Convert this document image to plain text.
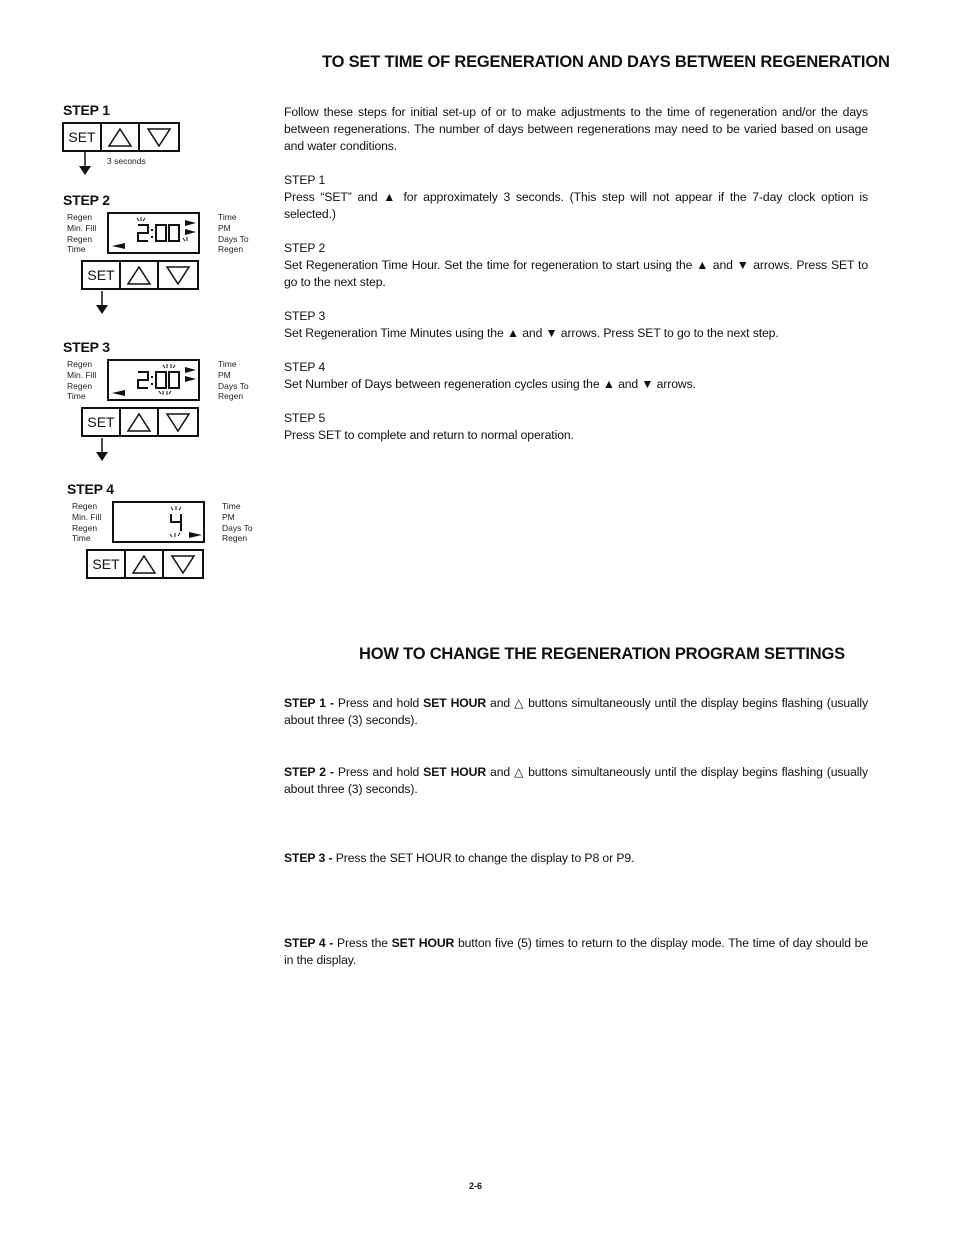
TO SET TIME OF REGENERATION AND DAYS BETWEEN REGENERATION
STEP 1
SET
3 seconds
STEP 2
Regen
Min. Fill
Regen
Time
Time
PM
Days To
Regen
SET
STEP 3
Regen
Min. Fill
Regen
Time
Time
PM
Days To
Regen
SET
STEP 4
Regen
Min. Fill
Regen
Time
Time
PM
Days To
Regen
SET

Follow these steps for initial set-up of or to make adjustments to the time of regeneration and/or the days between regenerations. The number of days between regenerations may need to be varied based on usage and water conditions.

STEP 1

Press “SET” and ▲ for approximately 3 seconds. (This step will not appear if the 7-day clock option is selected.)

STEP 2

Set Regeneration Time Hour. Set the time for regeneration to start using the ▲ and ▼ arrows. Press SET to go to the next step.

STEP 3

Set Regeneration Time Minutes using the ▲ and ▼ arrows. Press SET to go to the next step.

STEP 4

Set Number of Days between regeneration cycles using the ▲ and ▼ arrows.

STEP 5

Press SET to complete and return to normal operation.

HOW TO CHANGE THE REGENERATION PROGRAM SETTINGS

STEP 1 - Press and hold SET HOUR and △ buttons simultaneously until the display begins flashing (usually about three (3) seconds).

STEP 2 - Press and hold SET HOUR and △ buttons simultaneously until the display begins flashing (usually about three (3) seconds).

STEP 3 - Press the SET HOUR to change the display to P8 or P9.

STEP 4 - Press the SET HOUR button five (5) times to return to the display mode. The time of day should be in the display.

2-6
